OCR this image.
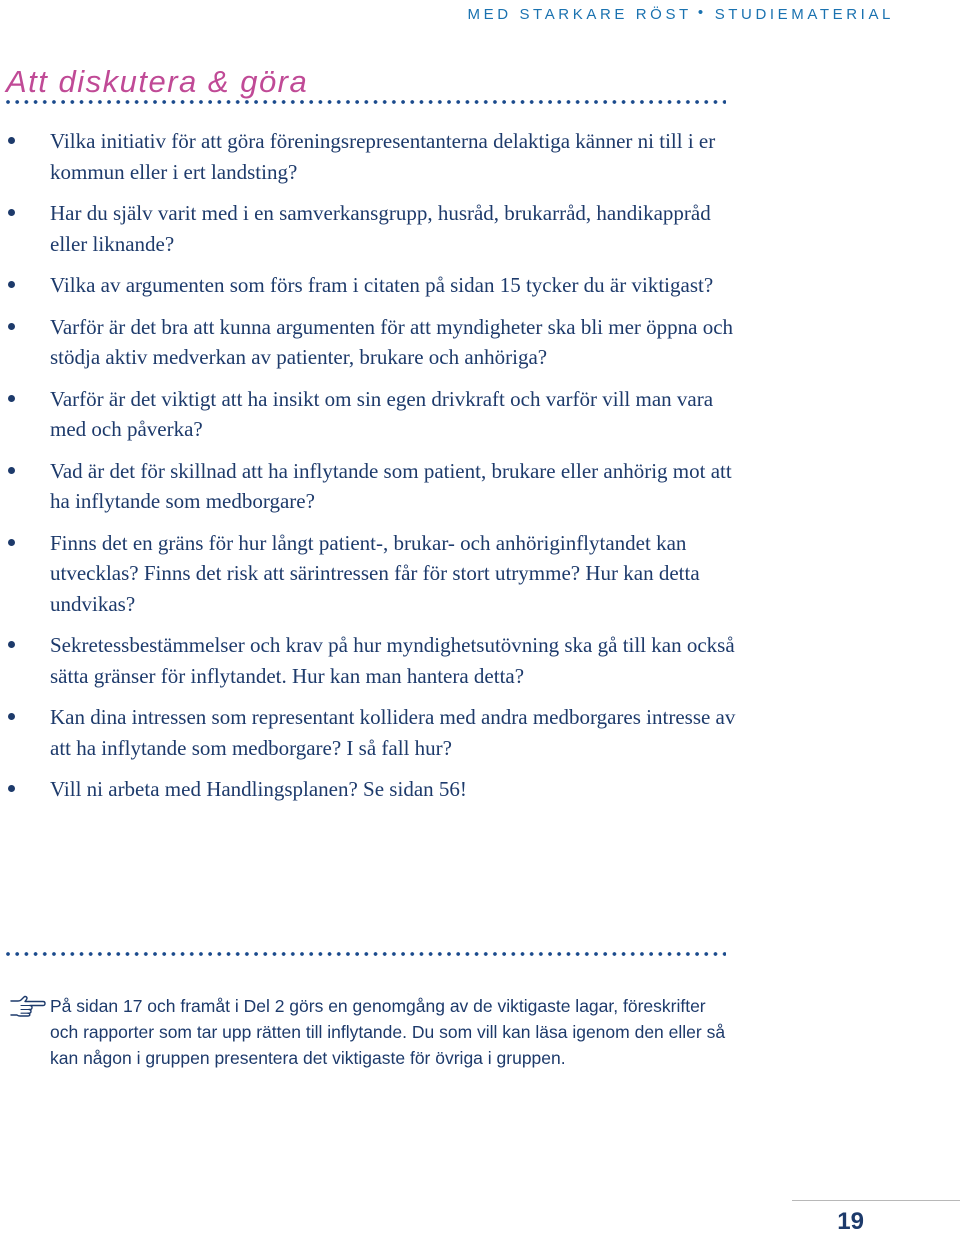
MED STARKARE RÖST • STUDIEMATERIAL
Att diskutera & göra
Vilka initiativ för att göra föreningsrepresentanterna delaktiga känner ni till i er kommun eller i ert landsting?
Har du själv varit med i en samverkansgrupp, husråd, brukarråd, handikappråd eller liknande?
Vilka av argumenten som förs fram i citaten på sidan 15 tycker du är viktigast?
Varför är det bra att kunna argumenten för att myndigheter ska bli mer öppna och stödja aktiv medverkan av patienter, brukare och anhöriga?
Varför är det viktigt att ha insikt om sin egen drivkraft och varför vill man vara med och påverka?
Vad är det för skillnad att ha inflytande som patient, brukare eller anhörig mot att ha inflytande som medborgare?
Finns det en gräns för hur långt patient-, brukar- och anhöriginflytandet kan utvecklas? Finns det risk att särintressen får för stort utrymme? Hur kan detta undvikas?
Sekretessbestämmelser och krav på hur myndighetsutövning ska gå till kan också sätta gränser för inflytandet. Hur kan man hantera detta?
Kan dina intressen som representant kollidera med andra medborgares intresse av att ha inflytande som medborgare? I så fall hur?
Vill ni arbeta med Handlingsplanen? Se sidan 56!

På sidan 17 och framåt i Del 2 görs en genomgång av de viktigaste lagar, föreskrifter och rapporter som tar upp rätten till inflytande. Du som vill kan läsa igenom den eller så kan någon i gruppen presentera det viktigaste för övriga i gruppen.

19
